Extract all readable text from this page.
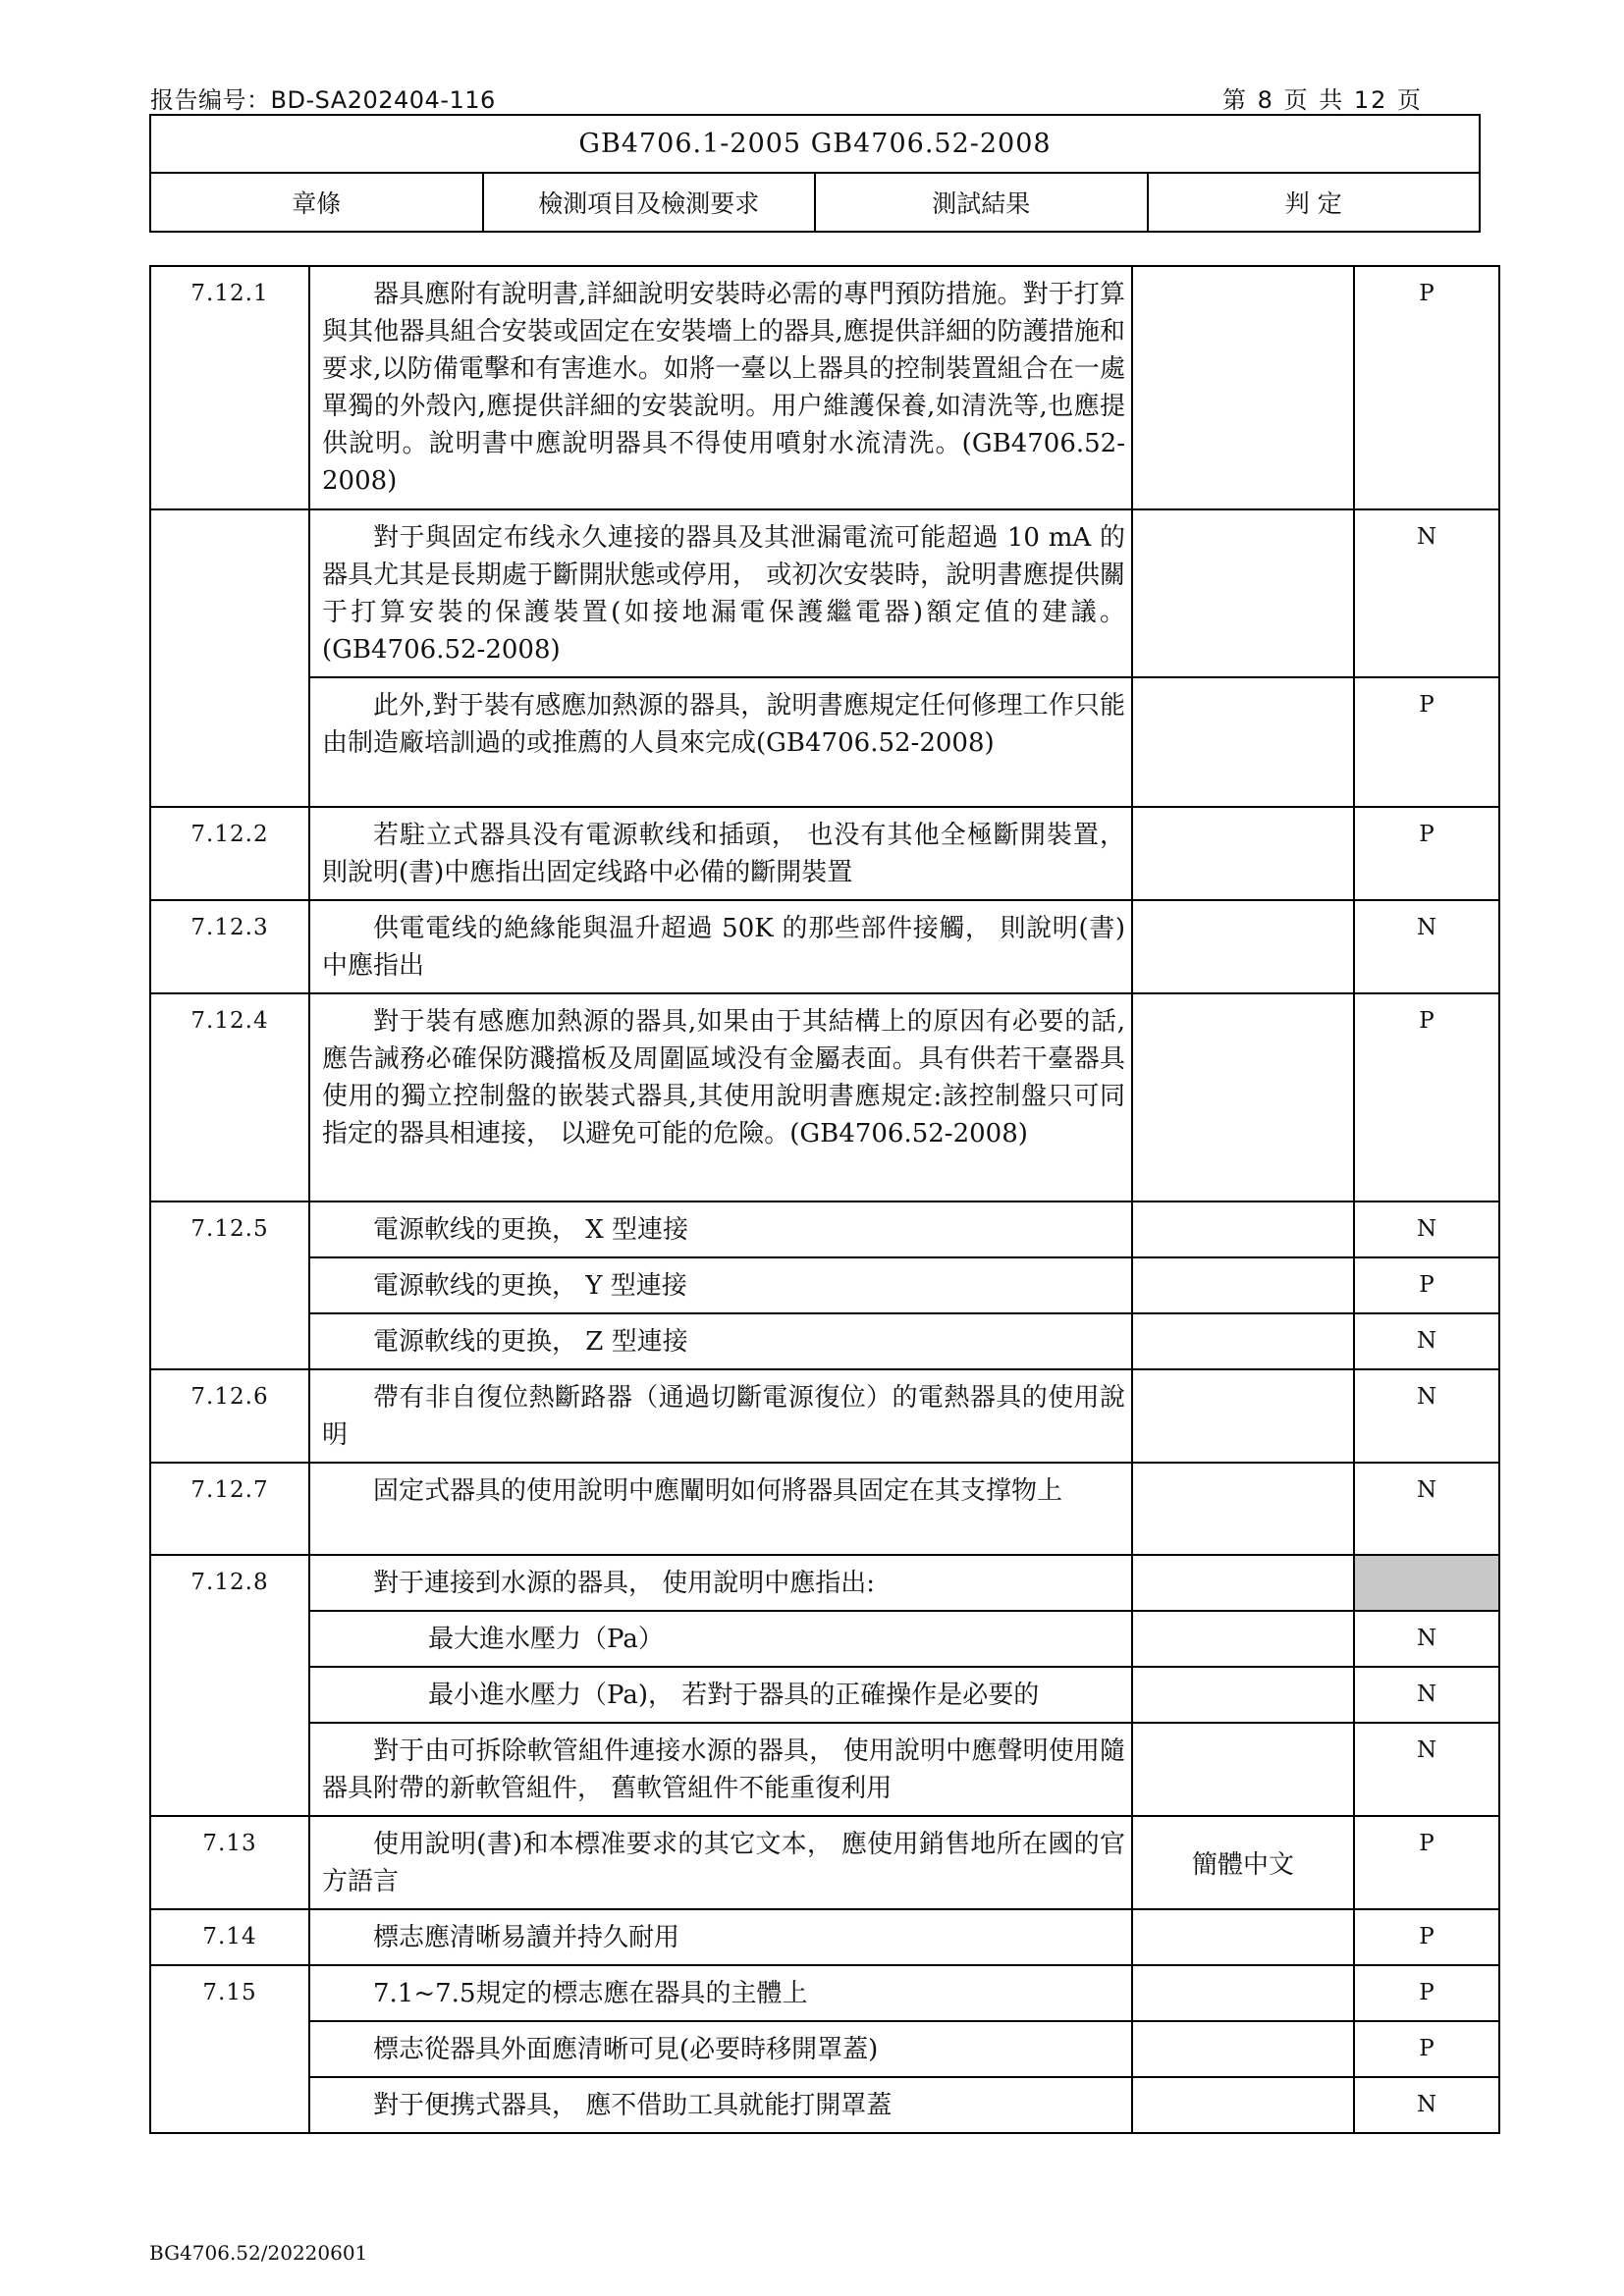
报告编号：BD-SA202404-116	第 8 页 共 12 页
GB4706.1-2005 GB4706.52-2008
章條	檢測項目及檢測要求	測試結果	判 定
7.12.1	器具應附有說明書,詳細說明安裝時必需的專門預防措施。對于打算與其他器具組合安裝或固定在安裝墻上的器具,應提供詳細的防護措施和要求,以防備電擊和有害進水。如將一臺以上器具的控制裝置組合在一處單獨的外殼內,應提供詳細的安裝說明。用户維護保養,如清洗等,也應提供說明。說明書中應說明器具不得使用噴射水流清洗。(GB4706.52-2008)		P
	對于與固定布线永久連接的器具及其泄漏電流可能超過 10 mA 的器具尤其是長期處于斷開狀態或停用， 或初次安裝時，說明書應提供關于打算安裝的保護裝置(如接地漏電保護繼電器)額定值的建議。(GB4706.52-2008)		N
	此外,對于裝有感應加熱源的器具，說明書應規定任何修理工作只能由制造廠培訓過的或推薦的人員來完成(GB4706.52-2008)		P
7.12.2	若駐立式器具没有電源軟线和插頭， 也没有其他全極斷開裝置， 則說明(書)中應指出固定线路中必備的斷開裝置		P
7.12.3	供電電线的絶緣能與温升超過 50K 的那些部件接觸， 則說明(書)中應指出		N
7.12.4	對于裝有感應加熱源的器具,如果由于其結構上的原因有必要的話,應告誡務必確保防濺擋板及周圍區域没有金屬表面。具有供若干臺器具使用的獨立控制盤的嵌裝式器具,其使用說明書應規定:該控制盤只可同指定的器具相連接， 以避免可能的危險。(GB4706.52-2008)		P
7.12.5	電源軟线的更换， X 型連接		N
	電源軟线的更换， Y 型連接		P
	電源軟线的更换， Z 型連接		N
7.12.6	帶有非自復位熱斷路器（通過切斷電源復位）的電熱器具的使用說明		N
7.12.7	固定式器具的使用說明中應闡明如何將器具固定在其支撑物上		N
7.12.8	對于連接到水源的器具， 使用說明中應指出:		
	最大進水壓力（Pa）		N
	最小進水壓力（Pa)， 若對于器具的正確操作是必要的		N
	對于由可拆除軟管組件連接水源的器具， 使用說明中應聲明使用隨器具附帶的新軟管組件， 舊軟管組件不能重復利用		N
7.13	使用說明(書)和本標准要求的其它文本， 應使用銷售地所在國的官方語言	簡體中文	P
7.14	標志應清晰易讀并持久耐用		P
7.15	7.1~7.5規定的標志應在器具的主體上		P
	標志從器具外面應清晰可見(必要時移開罩蓋)		P
	對于便携式器具， 應不借助工具就能打開罩蓋		N
BG4706.52/20220601
